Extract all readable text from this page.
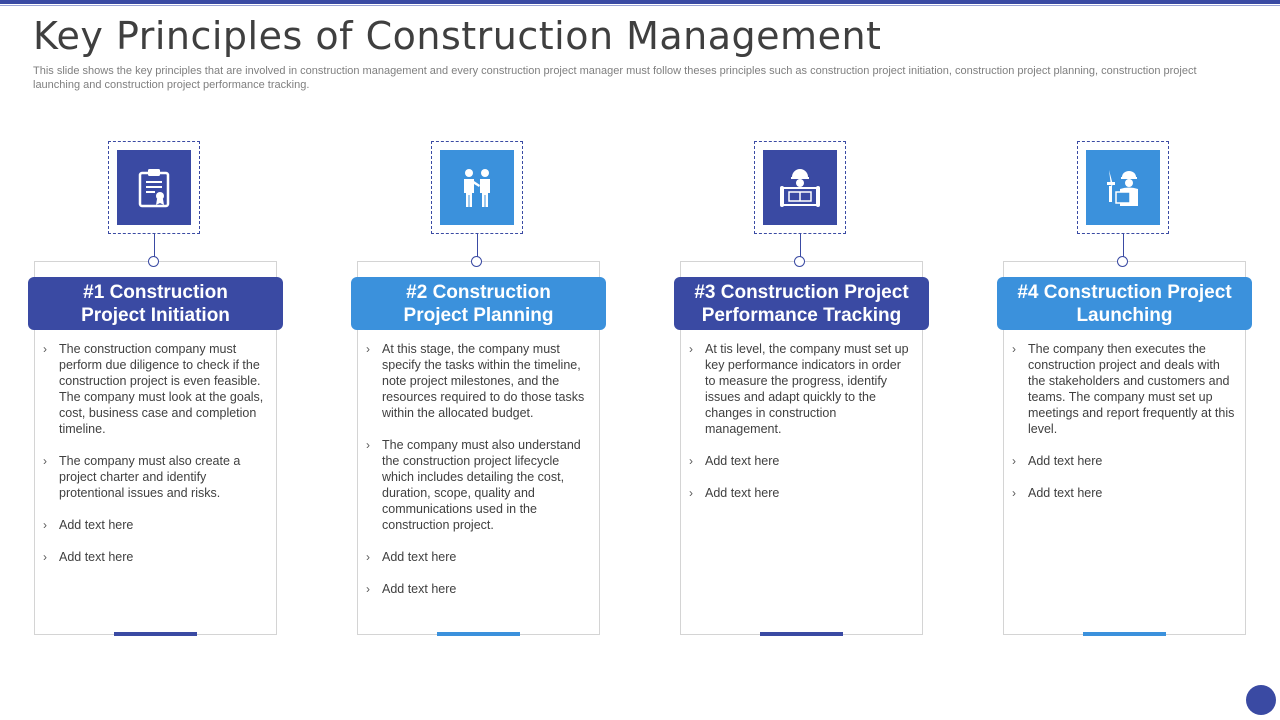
Key Principles of Construction Management
This slide shows the key principles that are involved in construction management and every construction project manager must follow theses principles such as construction project initiation, construction project planning, construction project launching and construction project performance tracking.
#1 Construction
Project Initiation
› The construction company must perform due diligence to check if the construction project is even feasible. The company must look at the goals, cost, business case and completion timeline.
› The company must also create a project charter and identify protentional issues and risks.
› Add text here
› Add text here
#2 Construction
Project Planning
› At this stage, the company must specify the tasks within the timeline, note project milestones, and the resources required to do those tasks within the allocated budget.
› The company must also understand the construction project lifecycle which includes detailing the cost, duration, scope, quality and communications used in the construction project.
› Add text here
› Add text here
#3 Construction Project
Performance Tracking
› At tis level, the company must set up key performance indicators in order to measure the progress, identify issues and adapt quickly to the changes in construction management.
› Add text here
› Add text here
#4 Construction Project
Launching
› The company then executes the construction project and deals with the stakeholders and customers and teams. The company must set up meetings and report frequently at this level.
› Add text here
› Add text here
